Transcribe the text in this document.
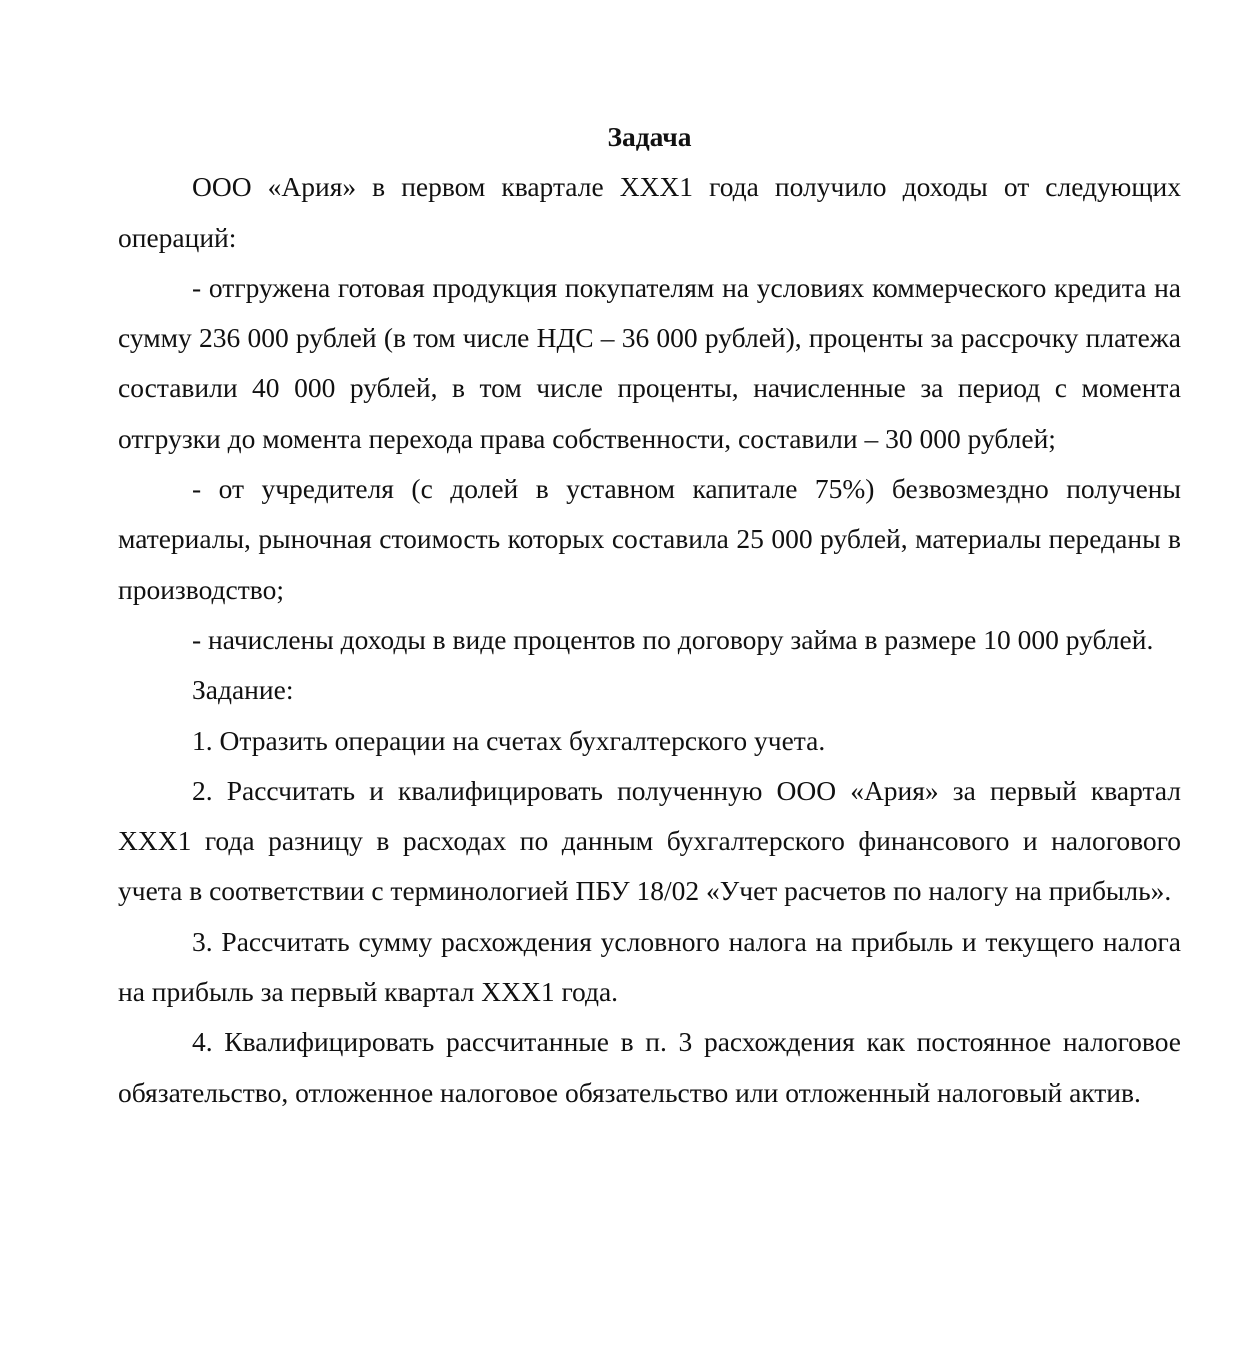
Задача

ООО «Ария» в первом квартале ХХХ1 года получило доходы от следующих операций:

- отгружена готовая продукция покупателям на условиях коммерческого кредита на сумму 236 000 рублей (в том числе НДС – 36 000 рублей), проценты за рассрочку платежа составили 40 000 рублей, в том числе проценты, начисленные за период с момента отгрузки до момента перехода права собственности, составили – 30 000 рублей;

- от учредителя (с долей в уставном капитале 75%) безвозмездно получены материалы, рыночная стоимость которых составила 25 000 рублей, материалы переданы в производство;

- начислены доходы в виде процентов по договору займа в размере 10 000 рублей.

Задание:

1. Отразить операции на счетах бухгалтерского учета.

2. Рассчитать и квалифицировать полученную ООО «Ария» за первый квартал ХХХ1 года разницу в расходах по данным бухгалтерского финансового и налогового учета в соответствии с терминологией ПБУ 18/02 «Учет расчетов по налогу на прибыль».

3. Рассчитать сумму расхождения условного налога на прибыль и текущего налога на прибыль за первый квартал ХХХ1 года.

4. Квалифицировать рассчитанные в п. 3 расхождения как постоянное налоговое обязательство, отложенное налоговое обязательство или отложенный налоговый актив.
